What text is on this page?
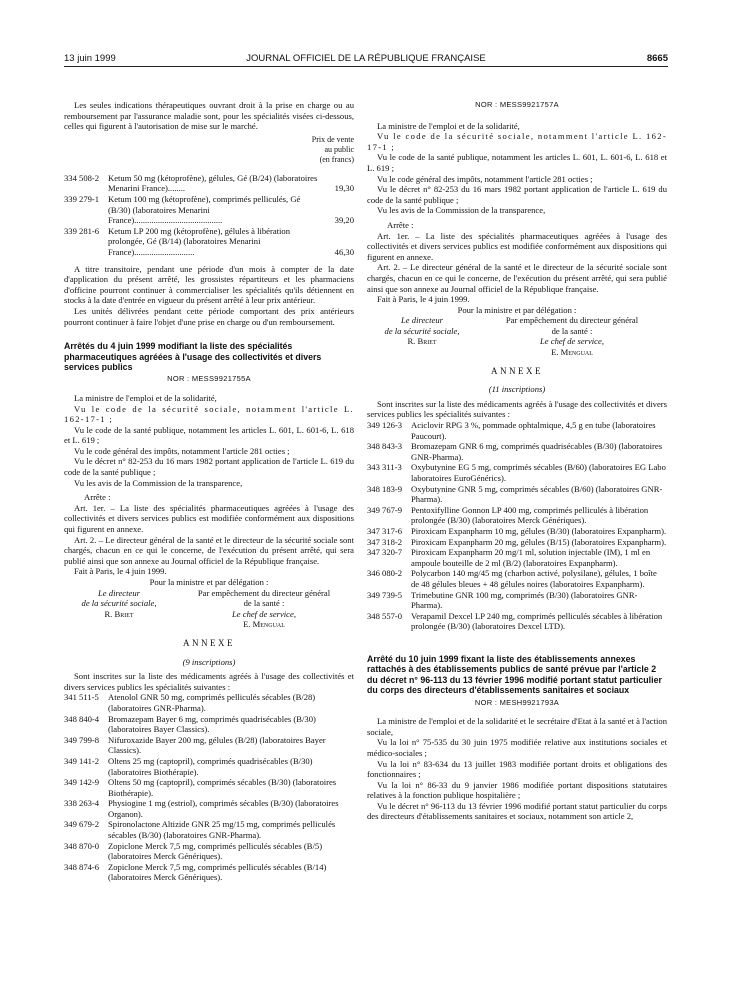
13 juin 1999	JOURNAL OFFICIEL DE LA RÉPUBLIQUE FRANÇAISE	8665

Les seules indications thérapeutiques ouvrant droit à la prise en charge ou au remboursement par l'assurance maladie sont, pour les spécialités visées ci-dessous, celles qui figurent à l'autorisation de mise sur le marché.

Prix de vente
au public
(en francs)
334 508-2	Ketum 50 mg (kétoprofène), gélules, Gé (B/24) (laboratoires Menarini France)........	19,30
339 279-1	Ketum 100 mg (kétoprofène), comprimés pelliculés, Gé (B/30) (laboratoires Menarini France).........................................	39,20
339 281-6	Ketum LP 200 mg (kétoprofène), gélules à libération prolongée, Gé (B/14) (laboratoires Menarini France)............................	46,30

A titre transitoire, pendant une période d'un mois à compter de la date d'application du présent arrêté, les grossistes répartiteurs et les pharmaciens d'officine pourront continuer à commercialiser les spécialités qu'ils détiennent en stocks à la date d'entrée en vigueur du présent arrêté à leur prix antérieur.

Les unités délivrées pendant cette période comportant des prix antérieurs pourront continuer à faire l'objet d'une prise en charge ou d'un remboursement.

Arrêtés du 4 juin 1999 modifiant la liste des spécialités pharmaceutiques agréées à l'usage des collectivités et divers services publics
NOR : MESS9921755A

La ministre de l'emploi et de la solidarité,

Vu le code de la sécurité sociale, notamment l'article L. 162-17-1 ;

Vu le code de la santé publique, notamment les articles L. 601, L. 601-6, L. 618 et L. 619 ;

Vu le code général des impôts, notamment l'article 281 octies ;

Vu le décret n° 82-253 du 16 mars 1982 portant application de l'article L. 619 du code de la santé publique ;

Vu les avis de la Commission de la transparence,

Arrête :

Art. 1er. – La liste des spécialités pharmaceutiques agréées à l'usage des collectivités et divers services publics est modifiée conformément aux dispositions qui figurent en annexe.

Art. 2. – Le directeur général de la santé et le directeur de la sécurité sociale sont chargés, chacun en ce qui le concerne, de l'exécution du présent arrêté, qui sera publié ainsi que son annexe au Journal officiel de la République française.

Fait à Paris, le 4 juin 1999.

Pour la ministre et par délégation :

Le directeur
de la sécurité sociale,
R. Briet
Par empêchement du directeur général
de la santé :
Le chef de service,
E. Mengual
ANNEXE
(9 inscriptions)

Sont inscrites sur la liste des médicaments agréés à l'usage des collectivités et divers services publics les spécialités suivantes :

341 511-5	Atenolol GNR 50 mg, comprimés pelliculés sécables (B/28) (laboratoires GNR-Pharma).
348 840-4	Bromazepam Bayer 6 mg, comprimés quadrisécables (B/30) (laboratoires Bayer Classics).
349 799-8	Nifuroxazide Bayer 200 mg, gélules (B/28) (laboratoires Bayer Classics).
349 141-2	Oltens 25 mg (captopril), comprimés quadrisécables (B/30) (laboratoires Biothérapie).
349 142-9	Oltens 50 mg (captopril), comprimés sécables (B/30) (laboratoires Biothérapie).
338 263-4	Physiogine 1 mg (estriol), comprimés sécables (B/30) (laboratoires Organon).
349 679-2	Spironolactone Altizide GNR 25 mg/15 mg, comprimés pelliculés sécables (B/30) (laboratoires GNR-Pharma).
348 870-0	Zopiclone Merck 7,5 mg, comprimés pelliculés sécables (B/5) (laboratoires Merck Génériques).
348 874-6	Zopiclone Merck 7,5 mg, comprimés pelliculés sécables (B/14) (laboratoires Merck Génériques).
NOR : MESS9921757A

La ministre de l'emploi et de la solidarité,

Vu le code de la sécurité sociale, notamment l'article L. 162-17-1 ;

Vu le code de la santé publique, notamment les articles L. 601, L. 601-6, L. 618 et L. 619 ;

Vu le code général des impôts, notamment l'article 281 octies ;

Vu le décret n° 82-253 du 16 mars 1982 portant application de l'article L. 619 du code de la santé publique ;

Vu les avis de la Commission de la transparence,

Arrête :

Art. 1er. – La liste des spécialités pharmaceutiques agréées à l'usage des collectivités et divers services publics est modifiée conformément aux dispositions qui figurent en annexe.

Art. 2. – Le directeur général de la santé et le directeur de la sécurité sociale sont chargés, chacun en ce qui le concerne, de l'exécution du présent arrêté, qui sera publié ainsi que son annexe au Journal officiel de la République française.

Fait à Paris, le 4 juin 1999.

Pour la ministre et par délégation :

Le directeur
de la sécurité sociale,
R. Briet
Par empêchement du directeur général
de la santé :
Le chef de service,
E. Mengual
ANNEXE
(11 inscriptions)

Sont inscrites sur la liste des médicaments agréés à l'usage des collectivités et divers services publics les spécialités suivantes :

349 126-3	Aciclovir RPG 3 %, pommade ophtalmique, 4,5 g en tube (laboratoires Paucourt).
348 843-3	Bromazepam GNR 6 mg, comprimés quadrisécables (B/30) (laboratoires GNR-Pharma).
343 311-3	Oxybutynine EG 5 mg, comprimés sécables (B/60) (laboratoires EG Labo laboratoires EuroGénérics).
348 183-9	Oxybutynine GNR 5 mg, comprimés sécables (B/60) (laboratoires GNR-Pharma).
349 767-9	Pentoxifylline Gonnon LP 400 mg, comprimés pelliculés à libération prolongée (B/30) (laboratoires Merck Génériques).
347 317-6	Piroxicam Expanpharm 10 mg, gélules (B/30) (laboratoires Expanpharm).
347 318-2	Piroxicam Expanpharm 20 mg, gélules (B/15) (laboratoires Expanpharm).
347 320-7	Piroxicam Expanpharm 20 mg/1 ml, solution injectable (IM), 1 ml en ampoule bouteille de 2 ml (B/2) (laboratoires Expanpharm).
346 080-2	Polycarbon 140 mg/45 mg (charbon activé, polysilane), gélules, 1 boîte de 48 gélules bleues + 48 gélules noires (laboratoires Expanpharm).
349 739-5	Trimebutine GNR 100 mg, comprimés (B/30) (laboratoires GNR-Pharma).
348 557-0	Verapamil Dexcel LP 240 mg, comprimés pelliculés sécables à libération prolongée (B/30) (laboratoires Dexcel LTD).
Arrêté du 10 juin 1999 fixant la liste des établissements annexes rattachés à des établissements publics de santé prévue par l'article 2 du décret n° 96-113 du 13 février 1996 modifié portant statut particulier du corps des directeurs d'établissements sanitaires et sociaux
NOR : MESH9921793A

La ministre de l'emploi et de la solidarité et le secrétaire d'Etat à la santé et à l'action sociale,

Vu la loi n° 75-535 du 30 juin 1975 modifiée relative aux institutions sociales et médico-sociales ;

Vu la loi n° 83-634 du 13 juillet 1983 modifiée portant droits et obligations des fonctionnaires ;

Vu la loi n° 86-33 du 9 janvier 1986 modifiée portant dispositions statutaires relatives à la fonction publique hospitalière ;

Vu le décret n° 96-113 du 13 février 1996 modifié portant statut particulier du corps des directeurs d'établissements sanitaires et sociaux, notamment son article 2,
